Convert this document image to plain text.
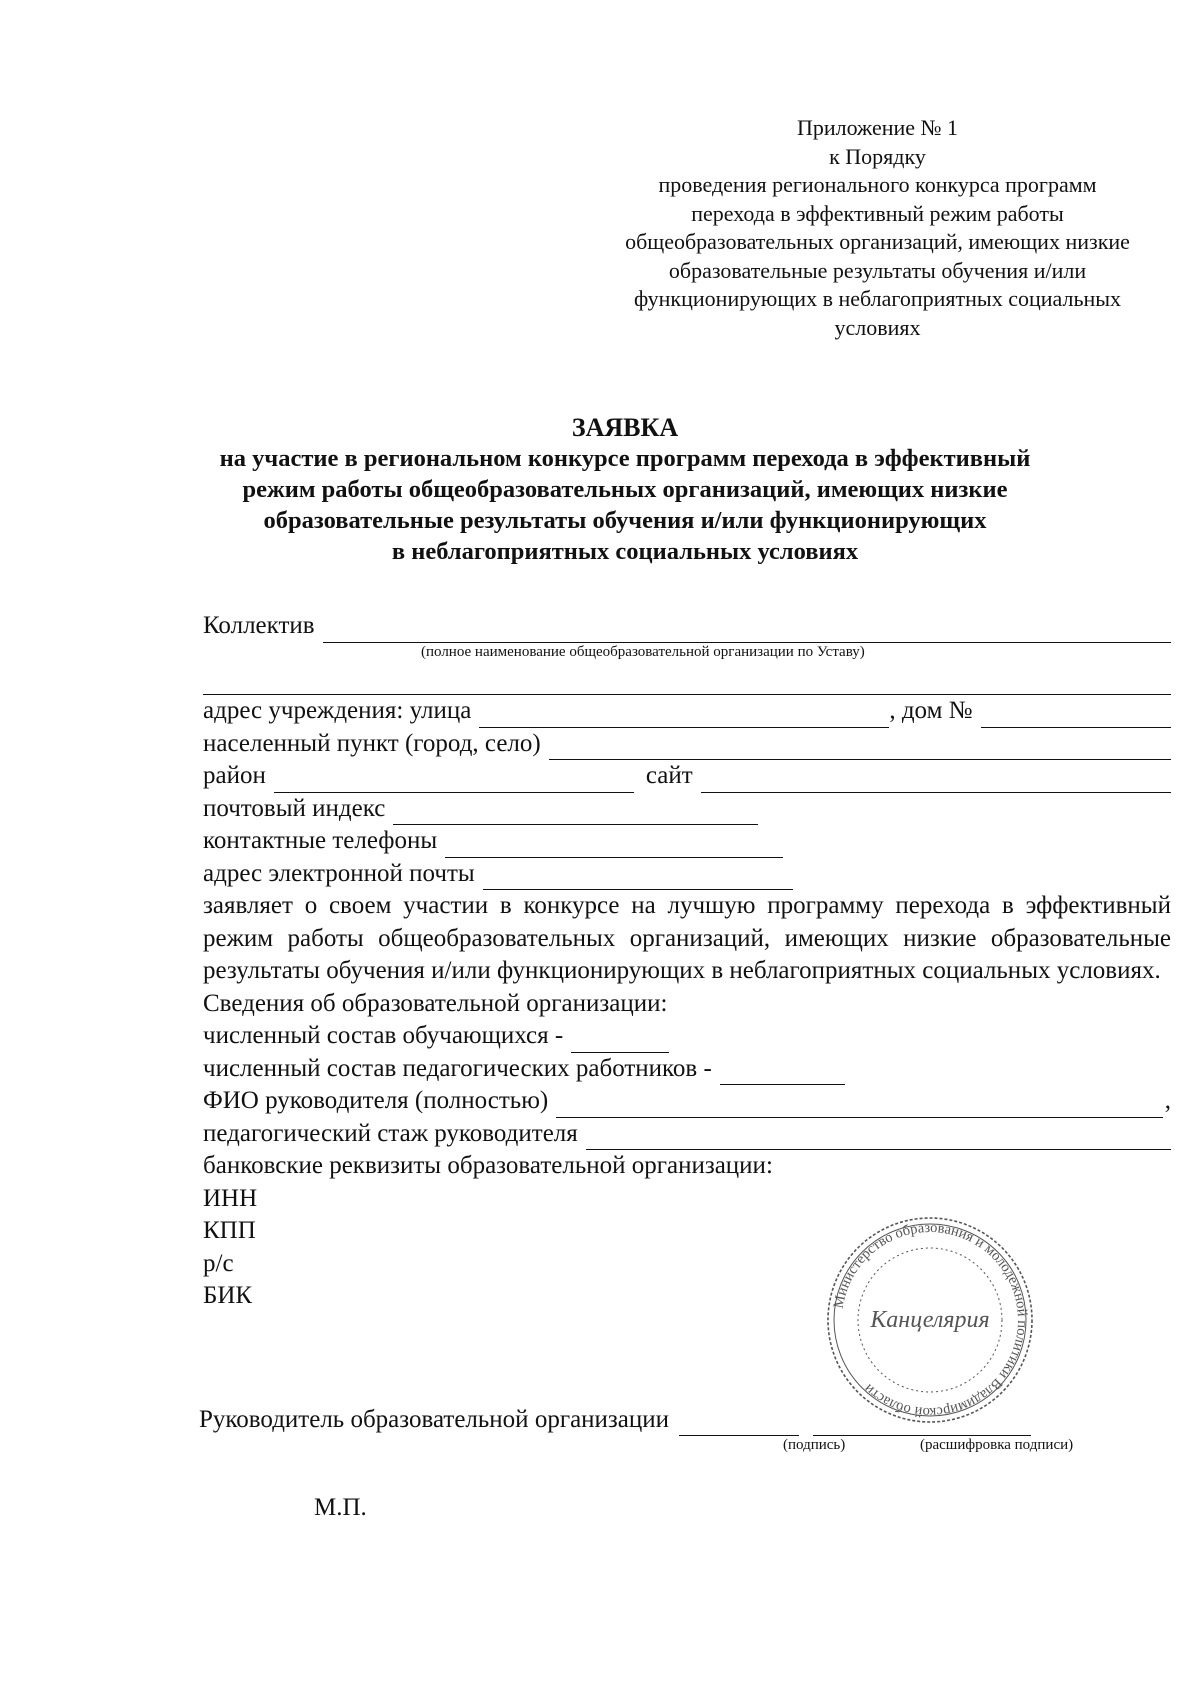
Приложение № 1
к Порядку
проведения регионального конкурса программ
перехода в эффективный режим работы
общеобразовательных организаций, имеющих низкие
образовательные результаты обучения и/или
функционирующих в неблагоприятных социальных
условиях
ЗАЯВКА
на участие в региональном конкурсе программ перехода в эффективный
режим работы общеобразовательных организаций, имеющих низкие
образовательные результаты обучения и/или функционирующих
в неблагоприятных социальных условиях
Коллектив
(полное наименование общеобразовательной организации по Уставу)
адрес учреждения: улица	, дом №
населенный пункт (город, село)
район	сайт
почтовый индекс
контактные телефоны
адрес электронной почты
заявляет о своем участии в конкурсе на лучшую программу перехода в эффективный режим работы общеобразовательных организаций, имеющих низкие образовательные результаты обучения и/или функционирующих в неблагоприятных социальных условиях.
Сведения об образовательной организации:
численный состав обучающихся -
численный состав педагогических работников -
ФИО руководителя (полностью)	,
педагогический стаж руководителя
банковские реквизиты образовательной организации:
ИНН
КПП
р/с
БИК	Министерство образования и молодежной политики Владимирской области
Канцелярия
Руководитель образовательной организации
(подпись)	(расшифровка подписи)
М.П.
